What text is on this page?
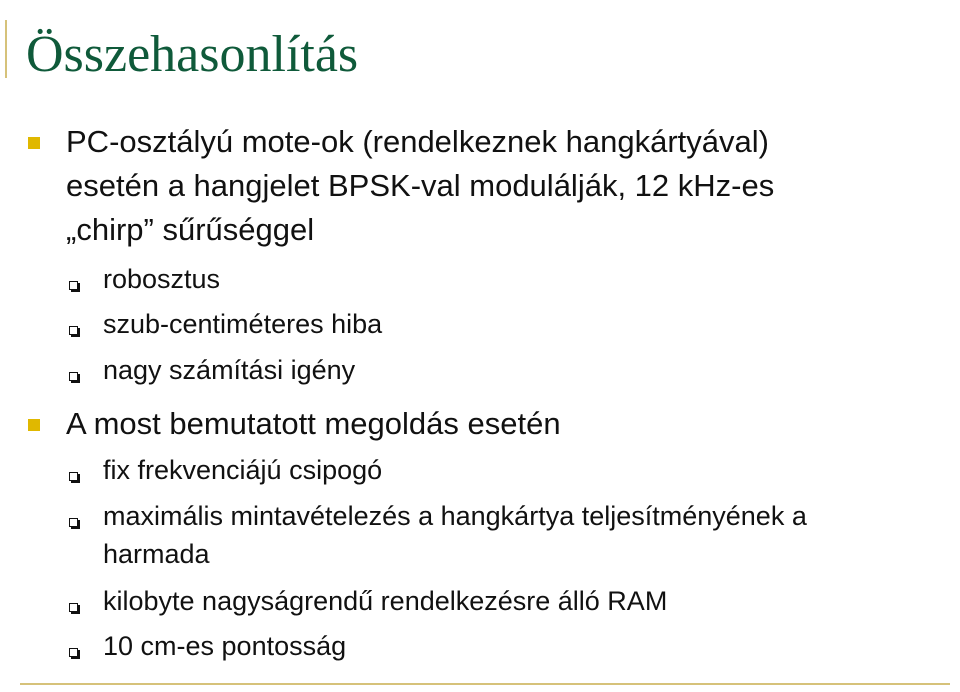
Összehasonlítás
PC-osztályú mote-ok (rendelkeznek hangkártyával)
esetén a hangjelet BPSK-val modulálják, 12 kHz-es
„chirp” sűrűséggel
robosztus
szub-centiméteres hiba
nagy számítási igény
A most bemutatott megoldás esetén
fix frekvenciájú csipogó
maximális mintavételezés a hangkártya teljesítményének a
harmada
kilobyte nagyságrendű rendelkezésre álló RAM
10 cm-es pontosság
